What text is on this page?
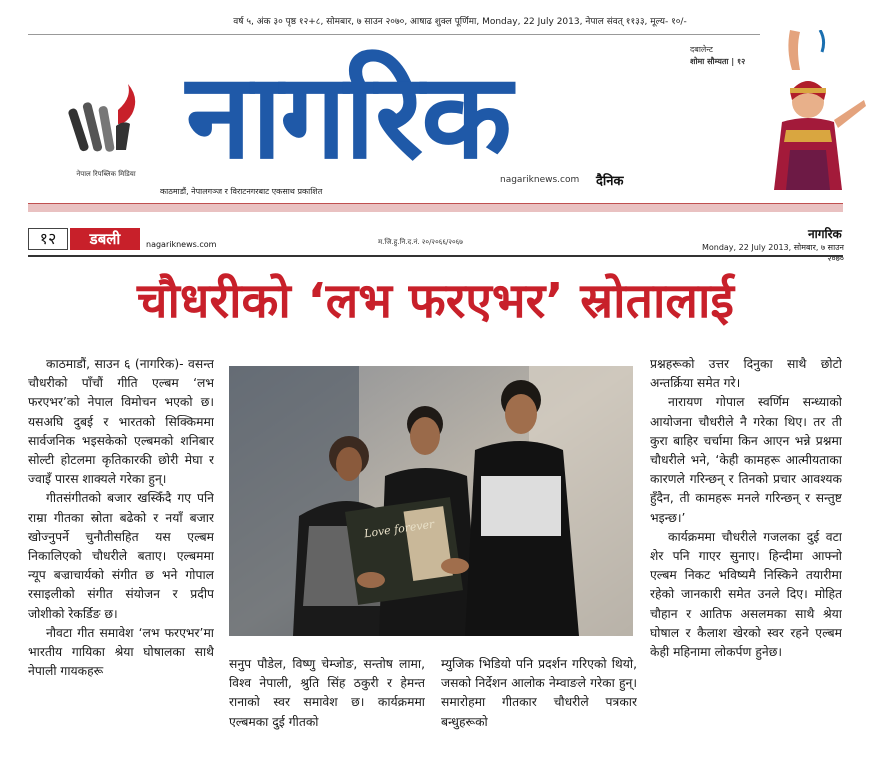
वर्ष ५, अंक ३० पृष्ठ १२+८, सोमबार, ७ साउन २०७०, आषाढ शुक्ल पूर्णिमा, Monday, 22 July 2013, नेपाल संवत् ११३३, मूल्य- १०/-
नेपाल रिपब्लिक मिडिया नागरिक
nagariknews.com दैनिक
काठमाडौं, नेपालगञ्ज र विराटनगरबाट एकसाथ प्रकाशित
दबालेन्ट
शोमा सौम्यता | १२
१२	डबली	nagariknews.com	म.जि.हु.नि.द.नं. २०/२०६६/२०६७
नागरिक
Monday, 22 July 2013, सोमबार, ७ साउन २०७०
चौधरीको ‘लभ फरएभर’ स्रोतालाई

काठमाडौं, साउन ६ (नागरिक)- वसन्त चौधरीको पाँचौं गीति एल्बम ‘लभ फरएभर’को नेपाल विमोचन भएको छ। यसअघि दुबई र भारतको सिक्किममा सार्वजनिक भइसकेको एल्बमको शनिबार सोल्टी होटलमा कृतिकारकी छोरी मेघा र ज्वाइँ पारस शाक्यले गरेका हुन्।

गीतसंगीतको बजार खस्किँदै गए पनि राम्रा गीतका स्रोता बढेको र नयाँ बजार खोज्नुपर्ने चुनौतीसहित यस एल्बम निकालिएको चौधरीले बताए। एल्बममा न्यूप बज्राचार्यको संगीत छ भने गोपाल रसाइलीको संगीत संयोजन र प्रदीप जोशीको रेकर्डिङ छ।

नौवटा गीत समावेश ‘लभ फरएभर’मा भारतीय गायिका श्रेया घोषालका साथै नेपाली गायकहरू

Love forever

सनुप पौडेल, विष्णु चेम्जोङ, सन्तोष लामा, विश्व नेपाली, श्रुति सिंह ठकुरी र हेमन्त रानाको स्वर समावेश छ। कार्यक्रममा एल्बमका दुई गीतको

म्युजिक भिडियो पनि प्रदर्शन गरिएको थियो, जसको निर्देशन आलोक नेम्वाङले गरेका हुन्। समारोहमा गीतकार चौधरीले पत्रकार बन्धुहरूको

प्रश्नहरूको उत्तर दिनुका साथै छोटो अन्तर्क्रिया समेत गरे।

नारायण गोपाल स्वर्णिम सन्ध्याको आयोजना चौधरीले नै गरेका थिए। तर ती कुरा बाहिर चर्चामा किन आएन भन्ने प्रश्नमा चौधरीले भने, ‘केही कामहरू आत्मीयताका कारणले गरिन्छन् र तिनको प्रचार आवश्यक हुँदैन, ती कामहरू मनले गरिन्छन् र सन्तुष्ट भइन्छ।’

कार्यक्रममा चौधरीले गजलका दुई वटा शेर पनि गाएर सुनाए। हिन्दीमा आफ्नो एल्बम निकट भविष्यमै निस्किने तयारीमा रहेको जानकारी समेत उनले दिए। मोहित चौहान र आतिफ असलमका साथै श्रेया घोषाल र कैलाश खेरको स्वर रहने एल्बम केही महिनामा लोकर्पण हुनेछ।
